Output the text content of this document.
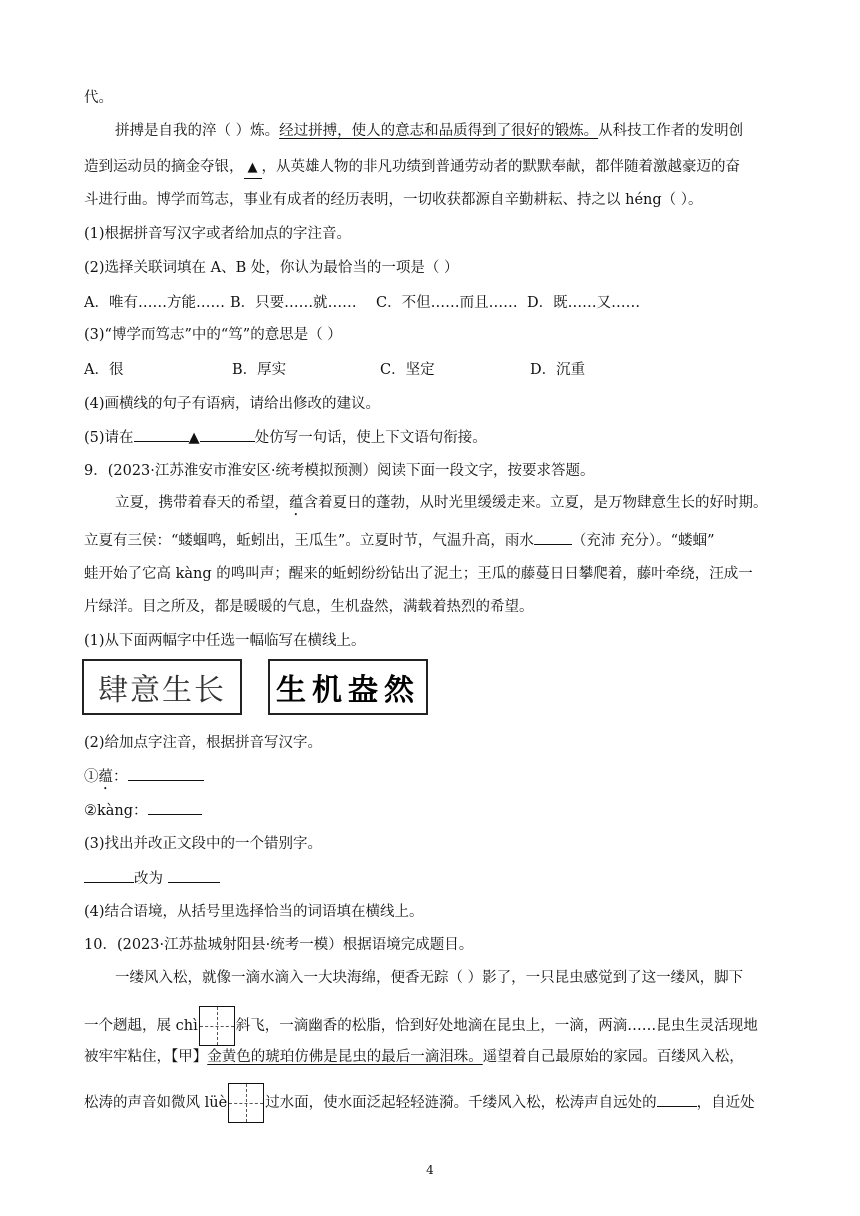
代。
拼搏是自我的淬（ ）炼。经过拼搏，使人的意志和品质得到了很好的锻炼。从科技工作者的发明创
造到运动员的摘金夺银， ▲ ，从英雄人物的非凡功绩到普通劳动者的默默奉献，都伴随着激越豪迈的奋
斗进行曲。博学而笃志，事业有成者的经历表明，一切收获都源自辛勤耕耘、持之以 héng（ ）。
(1)根据拼音写汉字或者给加点的字注音。
(2)选择关联词填在 A、B 处，你认为最恰当的一项是（ ）
A．唯有……方能…… B．只要……就…… C．不但……而且…… D．既……又……
(3)“博学而笃志”中的“笃”的意思是（ ）
A．很	B．厚实	C．坚定	D．沉重
(4)画横线的句子有语病，请给出修改的建议。
(5)请在	▲	处仿写一句话，使上下文语句衔接。
9．(2023·江苏淮安市淮安区·统考模拟预测）阅读下面一段文字，按要求答题。
立夏，携带着春天的希望，蕴含着夏日的蓬勃，从时光里缓缓走来。立夏，是万物肆意生长的好时期。
立夏有三侯：“蝼蝈鸣，蚯蚓出，王瓜生”。立夏时节，气温升高，雨水	（充沛 充分）。“蝼蝈”
蛙开始了它高 kàng 的鸣叫声；醒来的蚯蚓纷纷钻出了泥土；王瓜的藤蔓日日攀爬着，藤叶牵绕，汪成一
片绿洋。目之所及，都是暖暖的气息，生机盎然，满载着热烈的希望。
(1)从下面两幅字中任选一幅临写在横线上。
肆意生长	生机盎然
(2)给加点字注音，根据拼音写汉字。
①蕴：
②kàng：
(3)找出并改正文段中的一个错别字。
改为
(4)结合语境，从括号里选择恰当的词语填在横线上。
10．(2023·江苏盐城射阳县·统考一模）根据语境完成题目。
一缕风入松，就像一滴水滴入一大块海绵，便香无踪（ ）影了，一只昆虫感觉到了这一缕风，脚下
一个趔趄，展 chì	斜飞，一滴幽香的松脂，恰到好处地滴在昆虫上，一滴，两滴……昆虫生灵活现地
被牢牢粘住，【甲】金黄色的琥珀仿佛是昆虫的最后一滴泪珠。遥望着自己最原始的家园。百缕风入松，
松涛的声音如微风 lüè	过水面，使水面泛起轻轻涟漪。千缕风入松，松涛声自远处的	，自近处
4
